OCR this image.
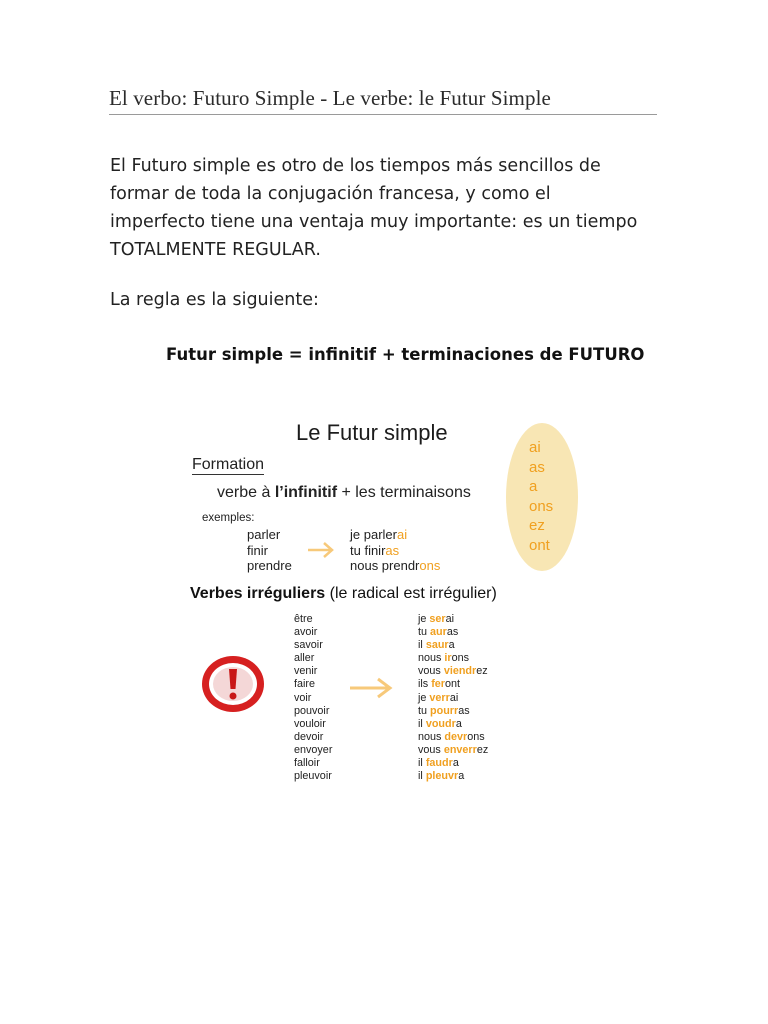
El verbo: Futuro Simple - Le verbe: le Futur Simple
El Futuro simple es otro de los tiempos más sencillos de
formar de toda la conjugación francesa, y como el
imperfecto tiene una ventaja muy importante: es un tiempo
TOTALMENTE REGULAR.
La regla es la siguiente:
Futur simple = infinitif + terminaciones de FUTURO
ai
as
a
ons
ez
ont
Le Futur simple
Formation
verbe à l’infinitif + les terminaisons
exemples:
parler
finir
prendre
je parlerai
tu finiras
nous prendrons
Verbes irréguliers (le radical est irrégulier)
être
avoir
savoir
aller
venir
faire
voir
pouvoir
vouloir
devoir
envoyer
falloir
pleuvoir
je serai
tu auras
il saura
nous irons
vous viendrez
ils feront
je verrai
tu pourras
il voudra
nous devrons
vous enverrez
il faudra
il pleuvra
